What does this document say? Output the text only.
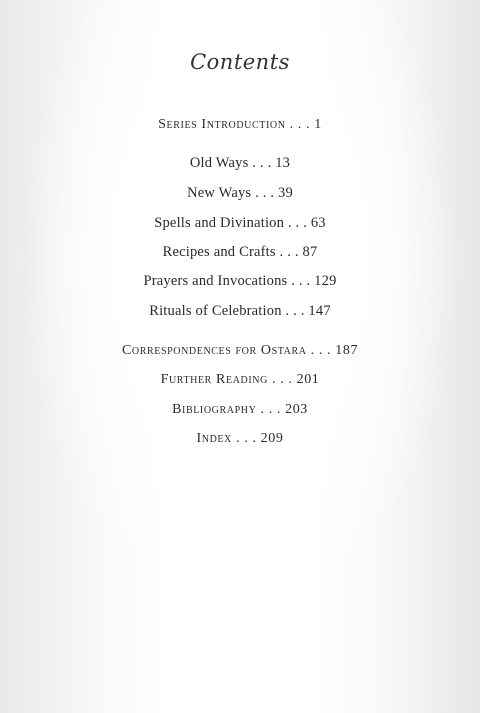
Contents
Series Introduction . . . 1
Old Ways . . . 13
New Ways . . . 39
Spells and Divination . . . 63
Recipes and Crafts . . . 87
Prayers and Invocations . . . 129
Rituals of Celebration . . . 147
Correspondences for Ostara . . . 187
Further Reading . . . 201
Bibliography . . . 203
Index . . . 209
